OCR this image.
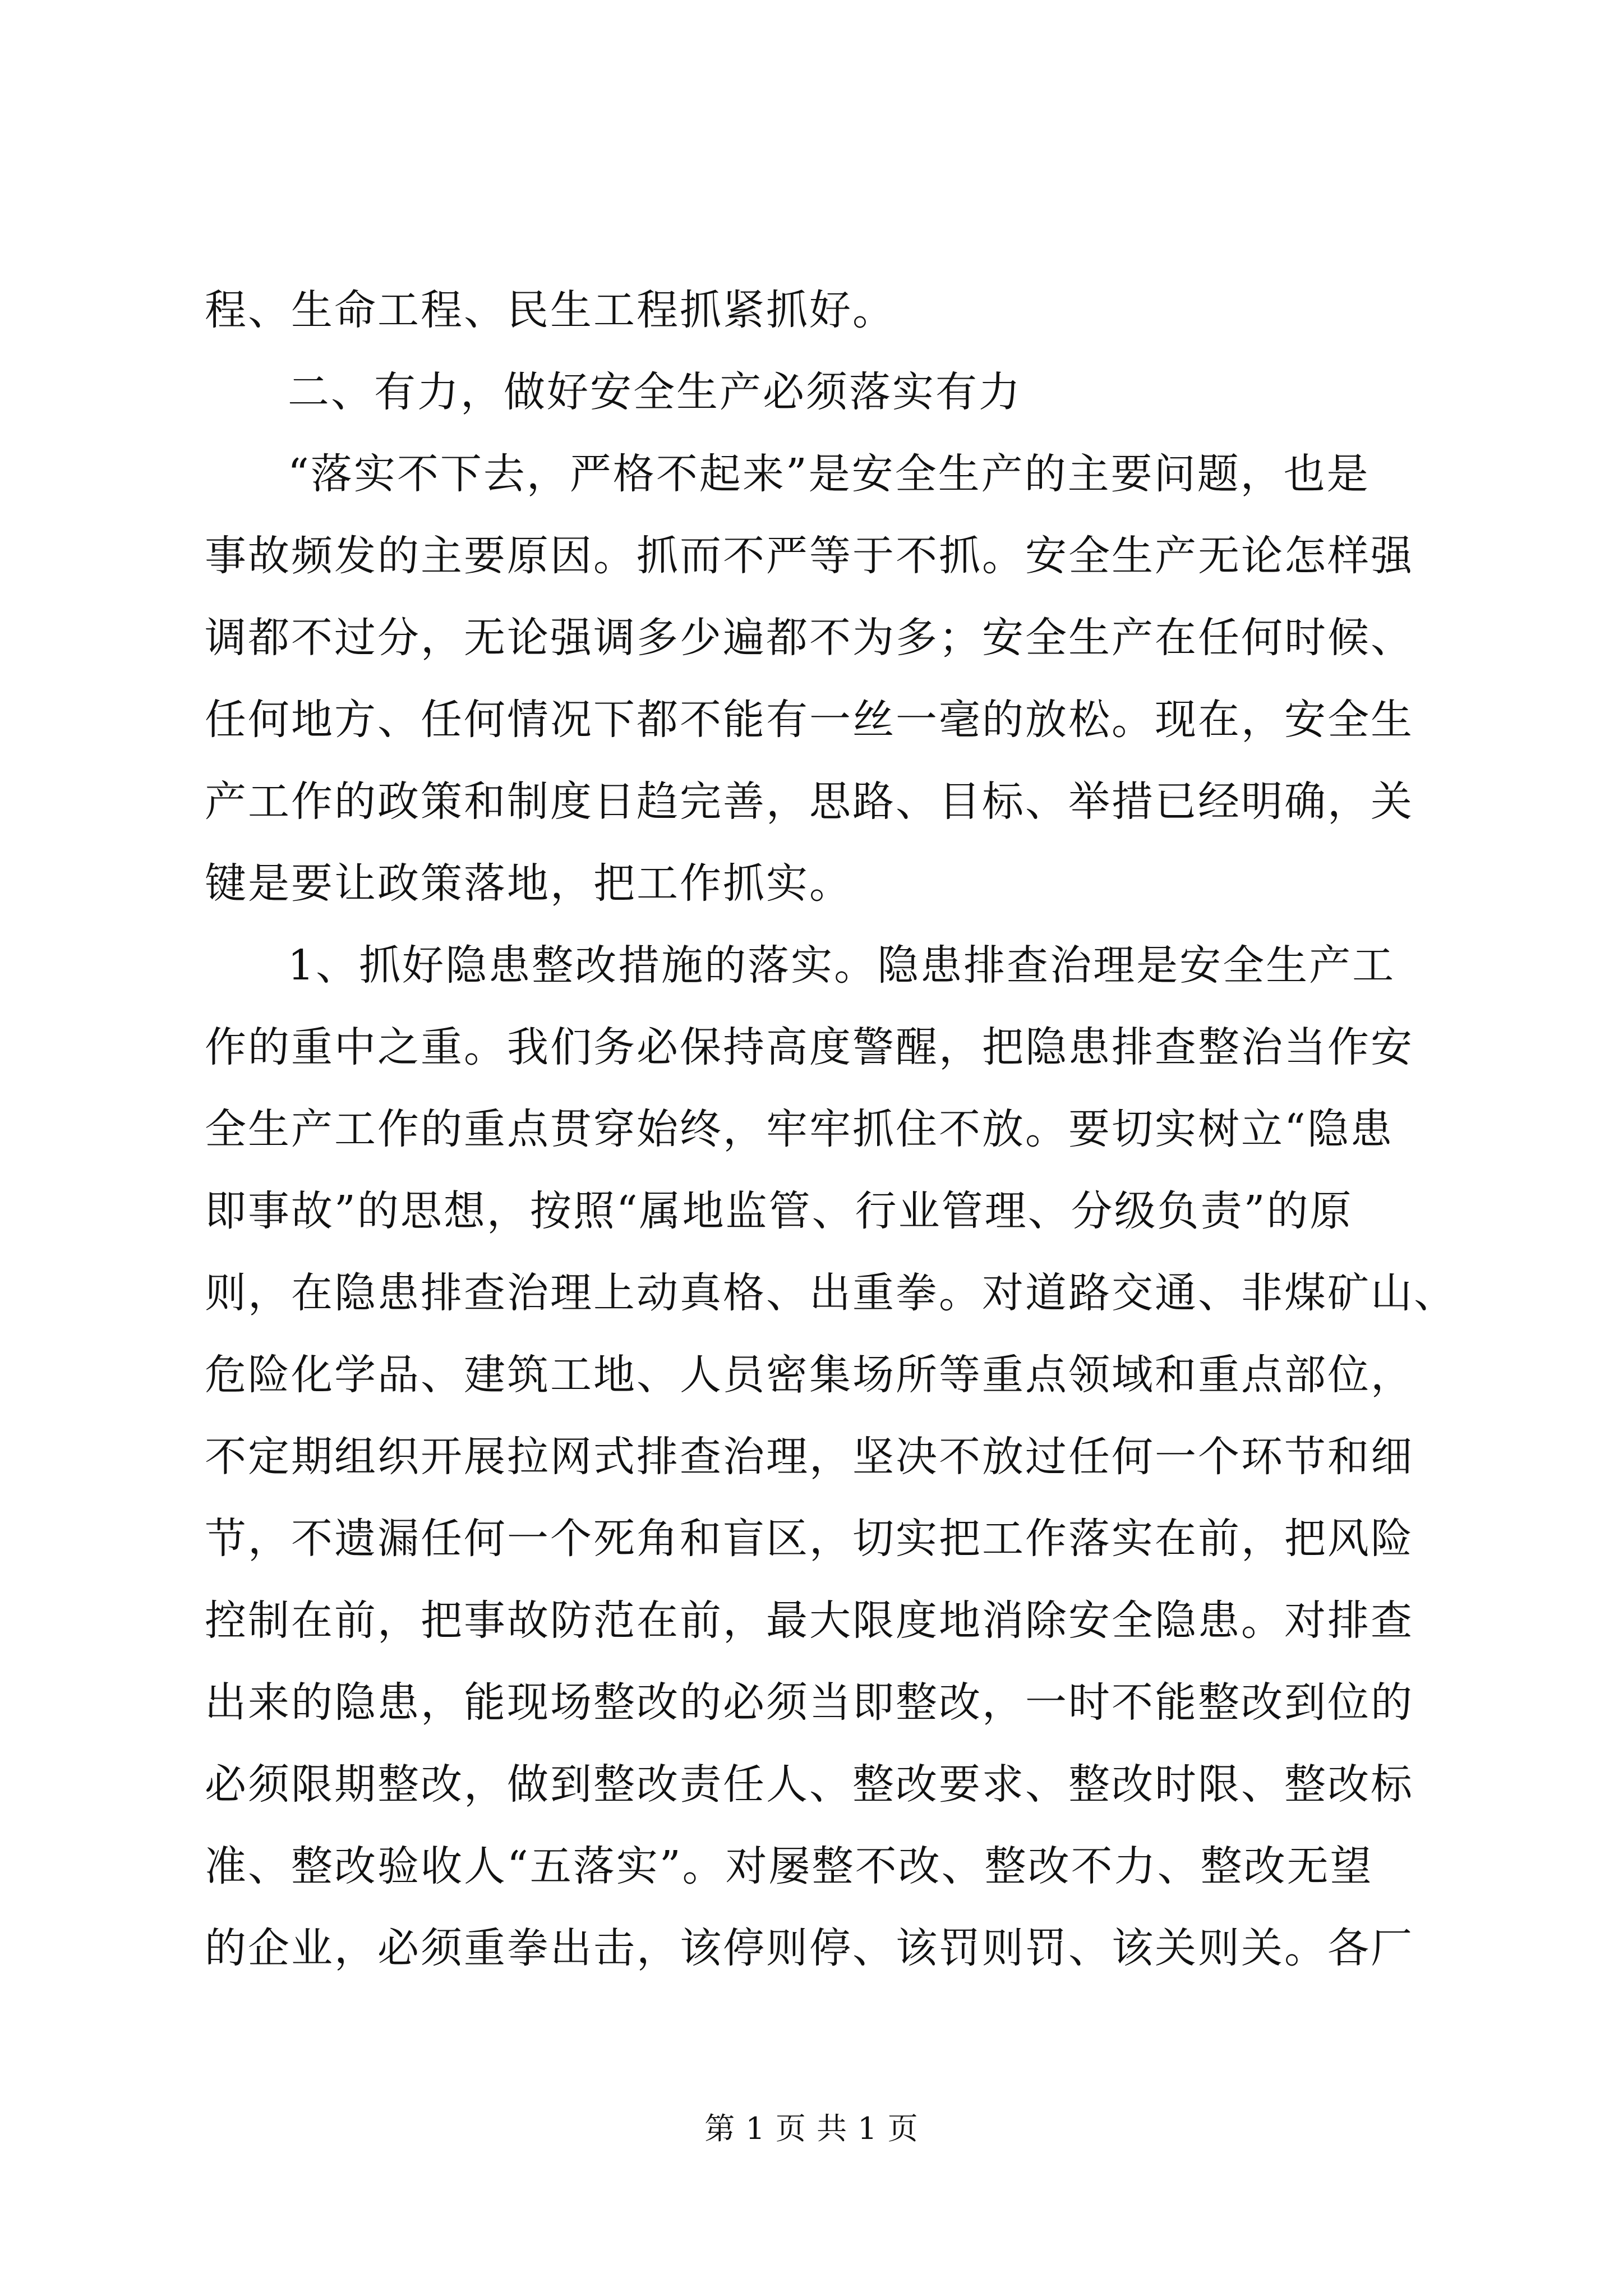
程、生命工程、民生工程抓紧抓好。
二、有力，做好安全生产必须落实有力
“落实不下去，严格不起来”是安全生产的主要问题，也是
事故频发的主要原因。抓而不严等于不抓。安全生产无论怎样强
调都不过分，无论强调多少遍都不为多；安全生产在任何时候、
任何地方、任何情况下都不能有一丝一毫的放松。现在，安全生
产工作的政策和制度日趋完善，思路、目标、举措已经明确，关
键是要让政策落地，把工作抓实。
1、抓好隐患整改措施的落实。隐患排查治理是安全生产工
作的重中之重。我们务必保持高度警醒，把隐患排查整治当作安
全生产工作的重点贯穿始终，牢牢抓住不放。要切实树立“隐患
即事故”的思想，按照“属地监管、行业管理、分级负责”的原
则，在隐患排查治理上动真格、出重拳。对道路交通、非煤矿山、
危险化学品、建筑工地、人员密集场所等重点领域和重点部位，
不定期组织开展拉网式排查治理，坚决不放过任何一个环节和细
节，不遗漏任何一个死角和盲区，切实把工作落实在前，把风险
控制在前，把事故防范在前，最大限度地消除安全隐患。对排查
出来的隐患，能现场整改的必须当即整改，一时不能整改到位的
必须限期整改，做到整改责任人、整改要求、整改时限、整改标
准、整改验收人“五落实”。对屡整不改、整改不力、整改无望
的企业，必须重拳出击，该停则停、该罚则罚、该关则关。各厂
第 1 页 共 1 页
